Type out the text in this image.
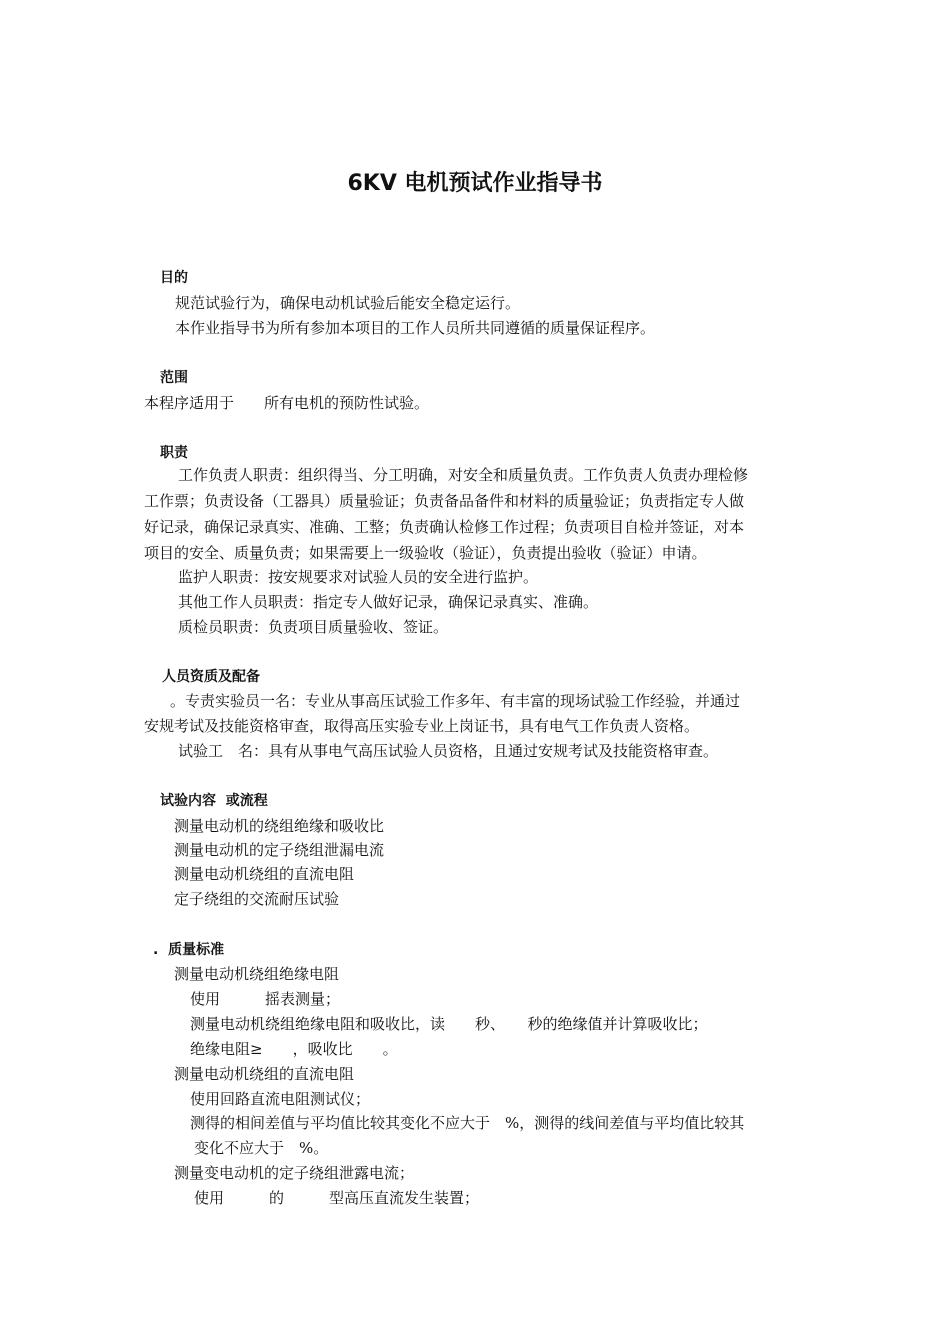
6KV 电机预试作业指导书
目的
规范试验行为，确保电动机试验后能安全稳定运行。
本作业指导书为所有参加本项目的工作人员所共同遵循的质量保证程序。
范围
本程序适用于　　所有电机的预防性试验。
职责
工作负责人职责：组织得当、分工明确，对安全和质量负责。工作负责人负责办理检修
工作票；负责设备（工器具）质量验证；负责备品备件和材料的质量验证；负责指定专人做
好记录，确保记录真实、准确、工整；负责确认检修工作过程；负责项目自检并签证，对本
项目的安全、质量负责；如果需要上一级验收（验证），负责提出验收（验证）申请。
监护人职责：按安规要求对试验人员的安全进行监护。
其他工作人员职责：指定专人做好记录，确保记录真实、准确。
质检员职责：负责项目质量验收、签证。
人员资质及配备
。专责实验员一名：专业从事高压试验工作多年、有丰富的现场试验工作经验，并通过
安规考试及技能资格审查，取得高压实验专业上岗证书，具有电气工作负责人资格。
试验工　名：具有从事电气高压试验人员资格，且通过安规考试及技能资格审查。
试验内容  或流程
测量电动机的绕组绝缘和吸收比
测量电动机的定子绕组泄漏电流
测量电动机绕组的直流电阻
定子绕组的交流耐压试验
.  质量标准
测量电动机绕组绝缘电阻
使用　　　摇表测量；
测量电动机绕组绝缘电阻和吸收比，读　　秒、　　秒的绝缘值并计算吸收比；
绝缘电阻≥　　，吸收比　　。
测量电动机绕组的直流电阻
使用回路直流电阻测试仪；
测得的相间差值与平均值比较其变化不应大于　%，测得的线间差值与平均值比较其
变化不应大于　%。
测量变电动机的定子绕组泄露电流；
使用　　　的　　　型高压直流发生装置；
